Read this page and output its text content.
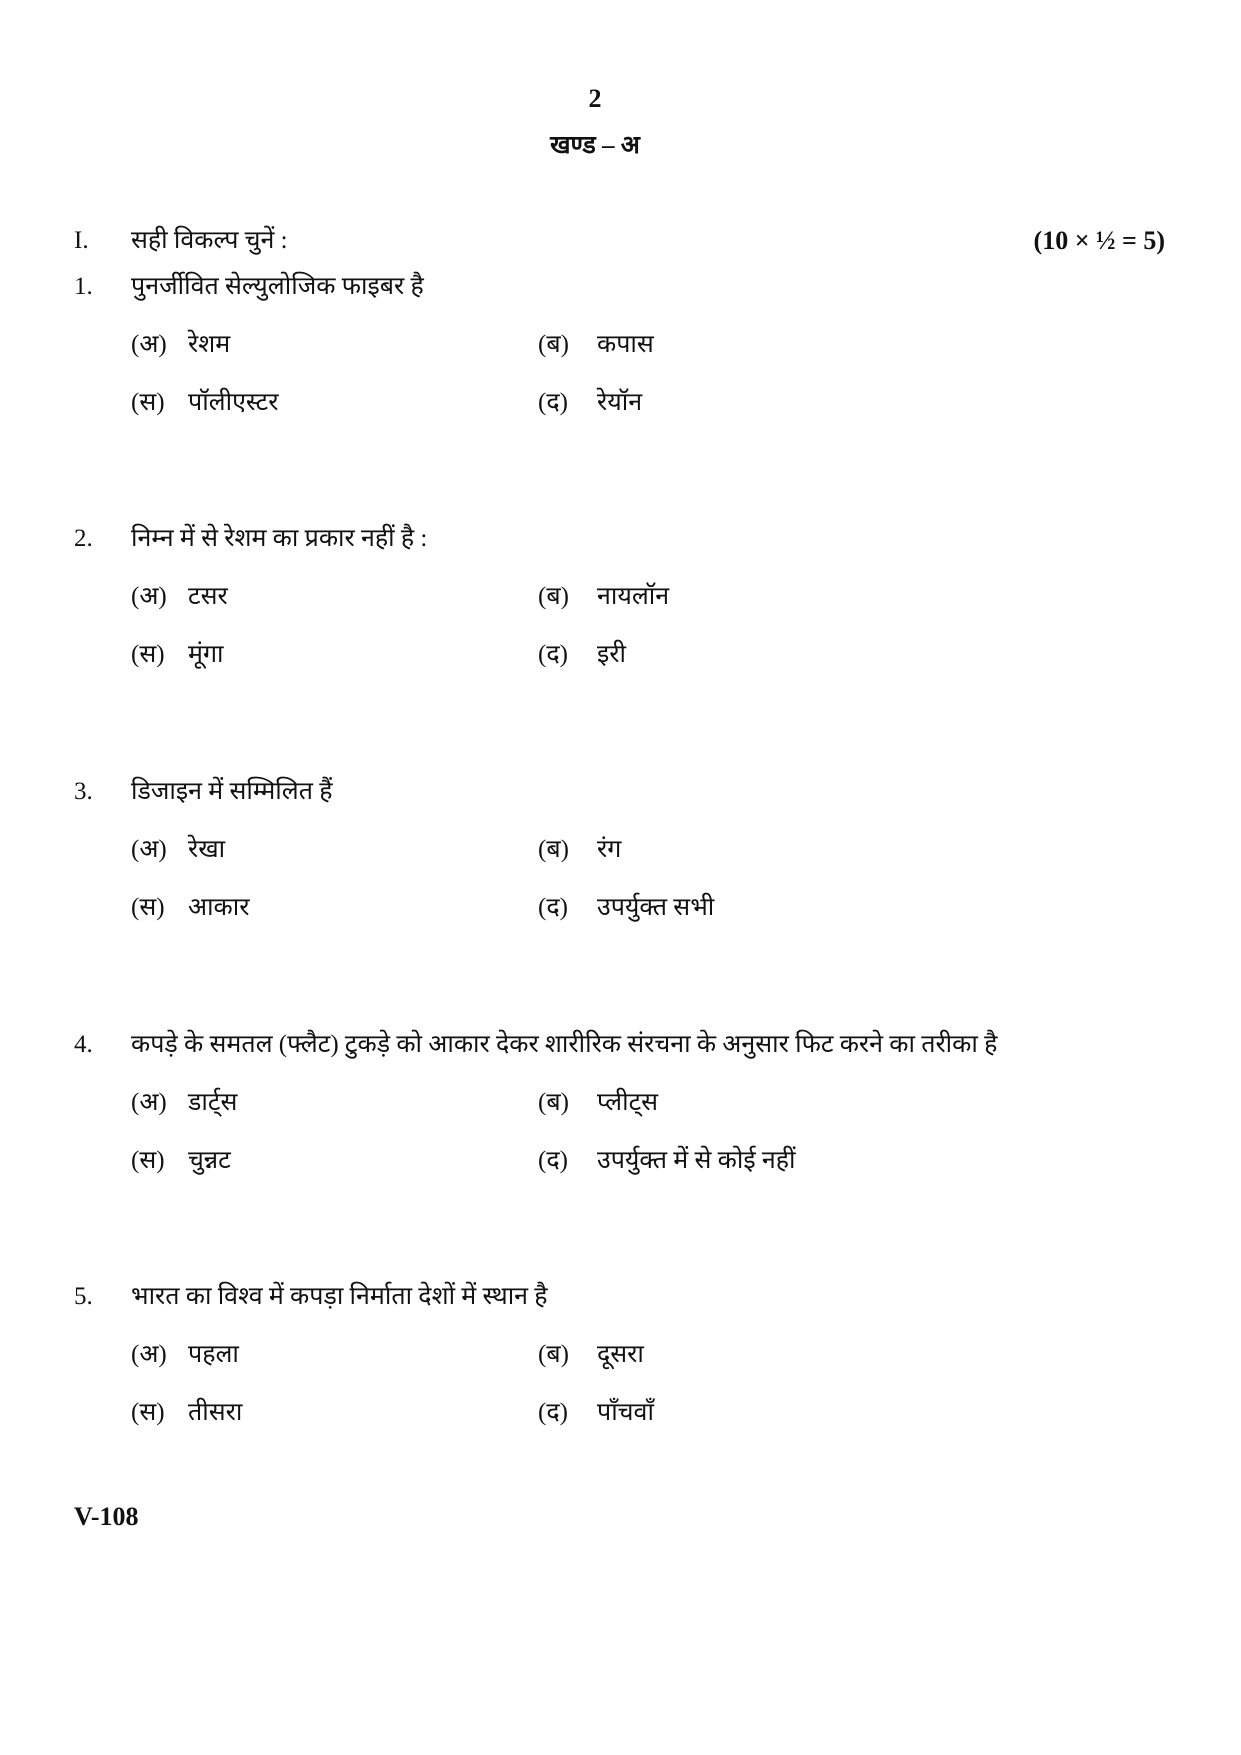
2
खण्ड – अ
I. सही विकल्प चुनें :	(10 × ½ = 5)
1. पुनर्जीवित सेल्युलोजिक फाइबर है
(अ) रेशम	(ब) कपास
(स) पॉलीएस्टर	(द) रेयॉन
2. निम्न में से रेशम का प्रकार नहीं है :
(अ) टसर	(ब) नायलॉन
(स) मूंगा	(द) इरी
3. डिजाइन में सम्मिलित हैं
(अ) रेखा	(ब) रंग
(स) आकार	(द) उपर्युक्त सभी
4. कपड़े के समतल (फ्लैट) टुकड़े को आकार देकर शारीरिक संरचना के अनुसार फिट करने का तरीका है
(अ) डार्ट्स	(ब) प्लीट्स
(स) चुन्नट	(द) उपर्युक्त में से कोई नहीं
5. भारत का विश्व में कपड़ा निर्माता देशों में स्थान है
(अ) पहला	(ब) दूसरा
(स) तीसरा	(द) पाँचवाँ
V-108
